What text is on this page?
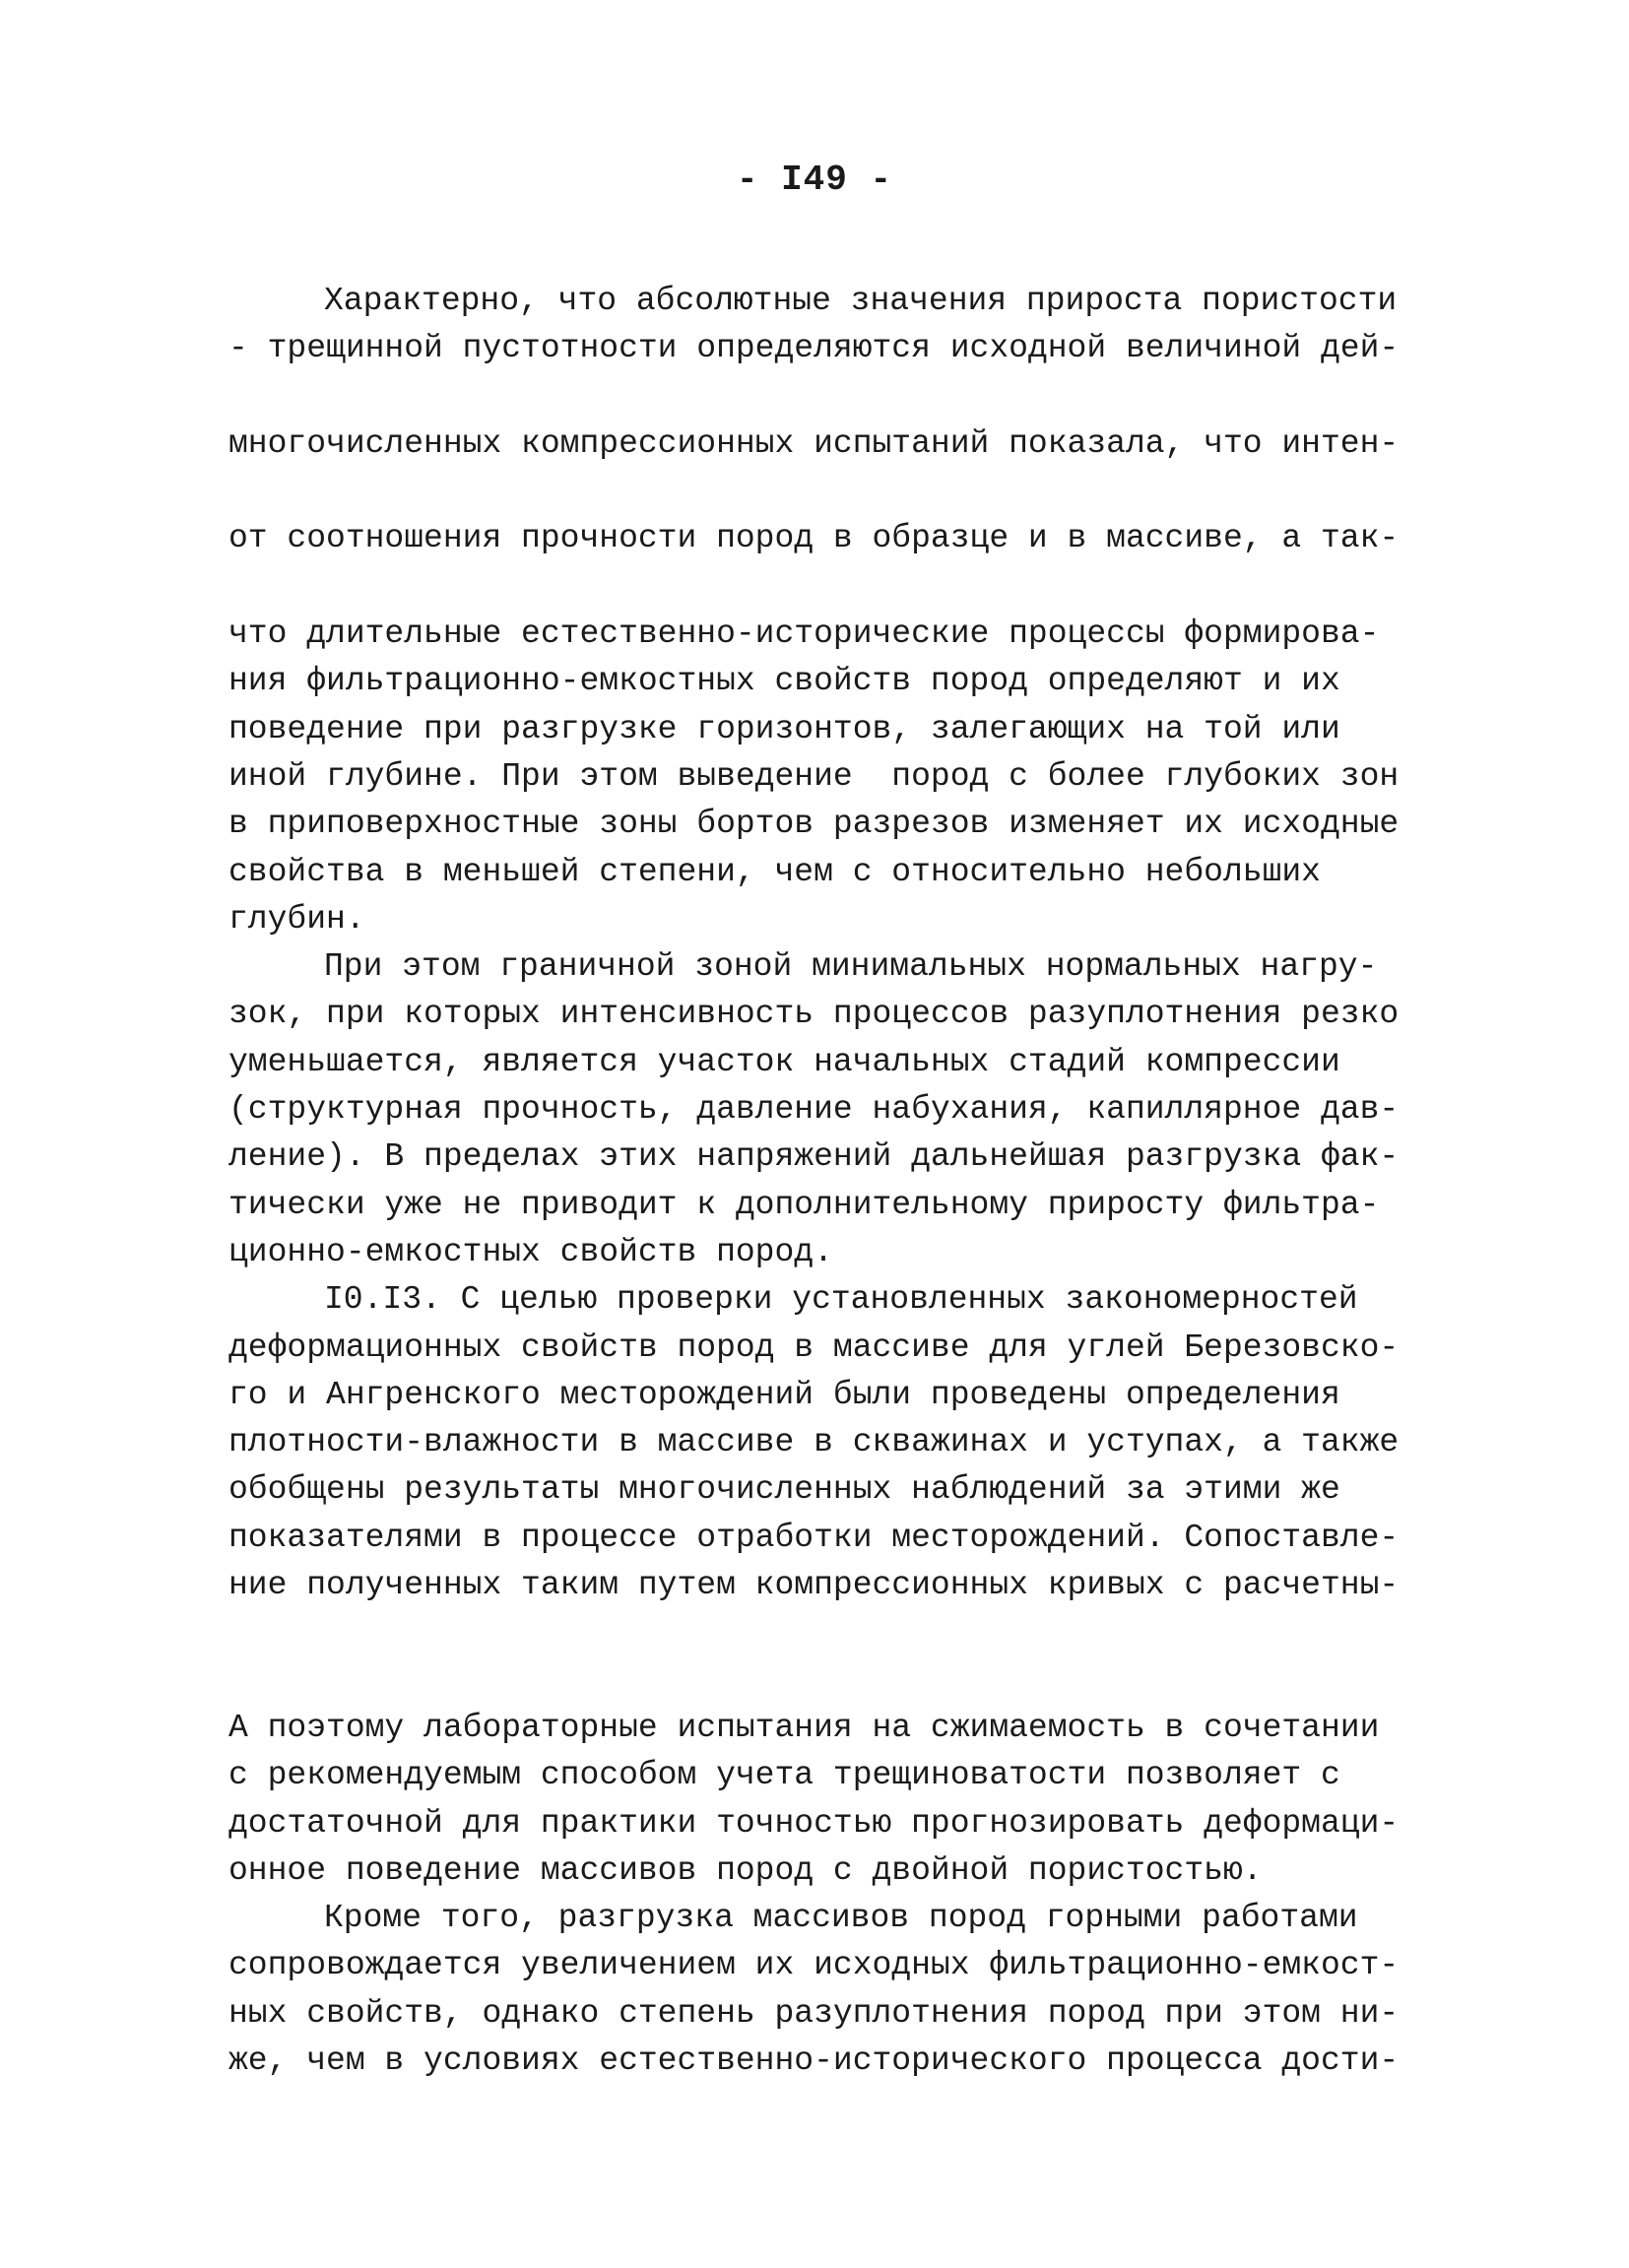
- I49 -
Характерно, что абсолютные значения прироста пористости
- трещинной пустотности определяются исходной величиной дей-

многочисленных компрессионных испытаний показала, что интен-

от соотношения прочности пород в образце и в массиве, а так-

что длительные естественно-исторические процессы формирова-
ния фильтрационно-емкостных свойств пород определяют и их
поведение при разгрузке горизонтов, залегающих на той или
иной глубине. При этом выведение  пород с более глубоких зон
в приповерхностные зоны бортов разрезов изменяет их исходные
свойства в меньшей степени, чем с относительно небольших
глубин.
При этом граничной зоной минимальных нормальных нагру-
зок, при которых интенсивность процессов разуплотнения резко
уменьшается, является участок начальных стадий компрессии
(структурная прочность, давление набухания, капиллярное дав-
ление). В пределах этих напряжений дальнейшая разгрузка фак-
тически уже не приводит к дополнительному приросту фильтра-
ционно-емкостных свойств пород.
I0.I3. С целью проверки установленных закономерностей
деформационных свойств пород в массиве для углей Березовско-
го и Ангренского месторождений были проведены определения
плотности-влажности в массиве в скважинах и уступах, а также
обобщены результаты многочисленных наблюдений за этими же
показателями в процессе отработки месторождений. Сопоставле-
ние полученных таким путем компрессионных кривых с расчетны-

А поэтому лабораторные испытания на сжимаемость в сочетании
с рекомендуемым способом учета трещиноватости позволяет с
достаточной для практики точностью прогнозировать деформаци-
онное поведение массивов пород с двойной пористостью.
Кроме того, разгрузка массивов пород горными работами
сопровождается увеличением их исходных фильтрационно-емкост-
ных свойств, однако степень разуплотнения пород при этом ни-
же, чем в условиях естественно-исторического процесса дости-
